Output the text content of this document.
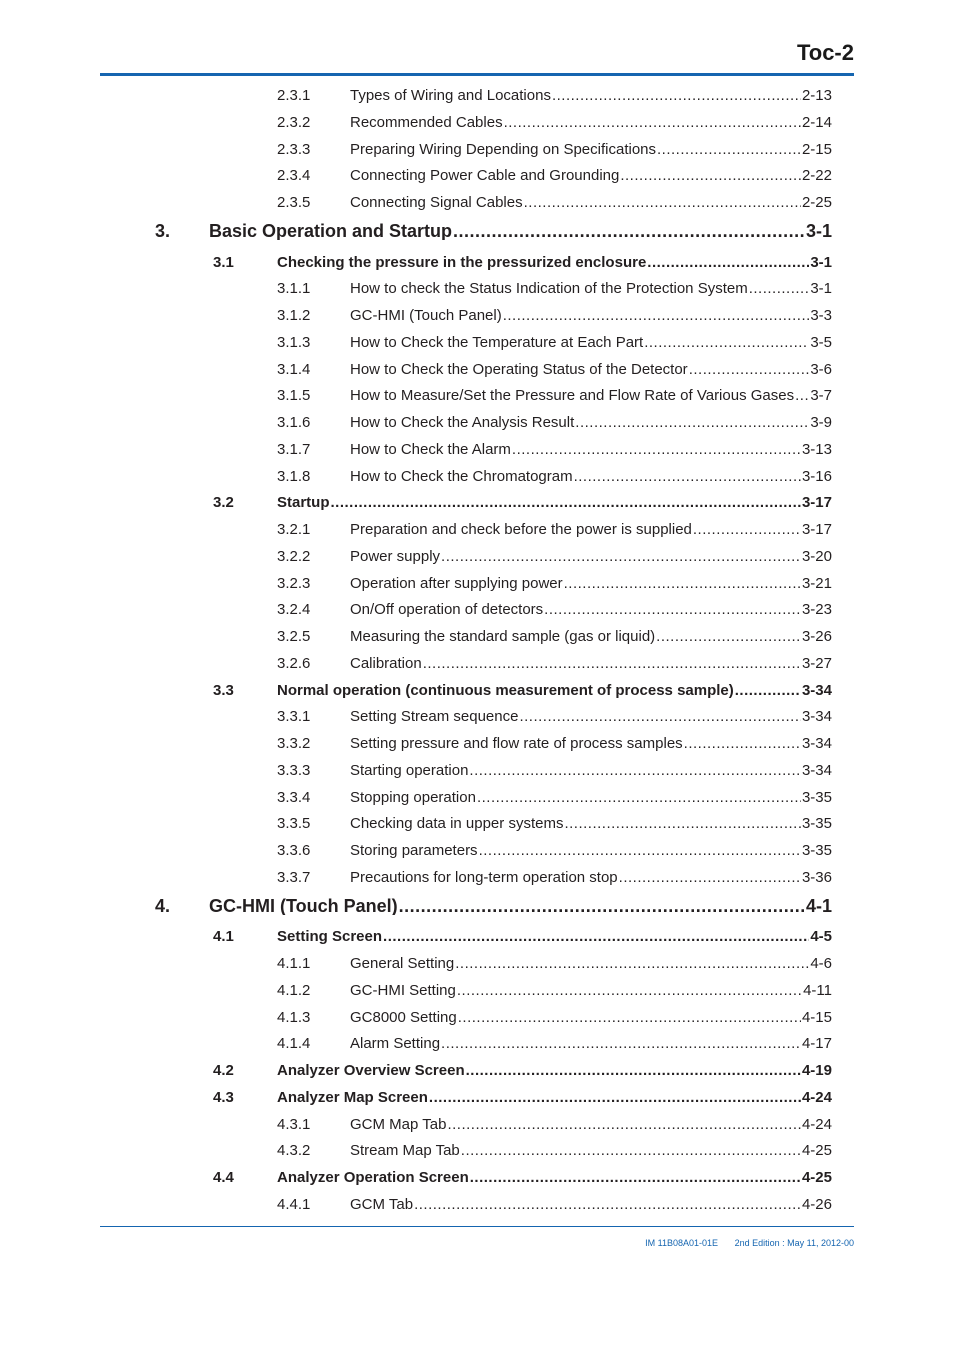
Toc-2
2.3.1	Types of Wiring and Locations .....	2-13
2.3.2	Recommended Cables .....	2-14
2.3.3	Preparing Wiring Depending on Specifications .....	2-15
2.3.4	Connecting Power Cable and Grounding .....	2-22
2.3.5	Connecting Signal Cables .....	2-25
3. Basic Operation and Startup .....	3-1
3.1	Checking the pressure in the pressurized enclosure .....	3-1
3.1.1	How to check the Status Indication of the Protection System .....	3-1
3.1.2	GC-HMI (Touch Panel) .....	3-3
3.1.3	How to Check the Temperature at Each Part .....	3-5
3.1.4	How to Check the Operating Status of the Detector .....	3-6
3.1.5	How to Measure/Set the Pressure and Flow Rate of Various Gases ..... 3-7
3.1.6	How to Check the Analysis Result .....	3-9
3.1.7	How to Check the Alarm .....	3-13
3.1.8	How to Check the Chromatogram .....	3-16
3.2	Startup .....	3-17
3.2.1	Preparation and check before the power is supplied .....	3-17
3.2.2	Power supply .....	3-20
3.2.3	Operation after supplying power .....	3-21
3.2.4	On/Off operation of detectors .....	3-23
3.2.5	Measuring the standard sample (gas or liquid) .....	3-26
3.2.6	Calibration .....	3-27
3.3	Normal operation (continuous measurement of process sample) .....	3-34
3.3.1	Setting Stream sequence .....	3-34
3.3.2	Setting pressure and flow rate of process samples .....	3-34
3.3.3	Starting operation .....	3-34
3.3.4	Stopping operation .....	3-35
3.3.5	Checking data in upper systems .....	3-35
3.3.6	Storing parameters .....	3-35
3.3.7	Precautions for long-term operation stop .....	3-36
4. GC-HMI (Touch Panel) .....	4-1
4.1	Setting Screen .....	4-5
4.1.1	General Setting .....	4-6
4.1.2	GC-HMI Setting .....	4-11
4.1.3	GC8000 Setting .....	4-15
4.1.4	Alarm Setting .....	4-17
4.2	Analyzer Overview Screen .....	4-19
4.3	Analyzer Map Screen .....	4-24
4.3.1	GCM Map Tab .....	4-24
4.3.2	Stream Map Tab .....	4-25
4.4	Analyzer Operation Screen .....	4-25
4.4.1	GCM Tab .....	4-26
IM 11B08A01-01E 2nd Edition : May 11, 2012-00
